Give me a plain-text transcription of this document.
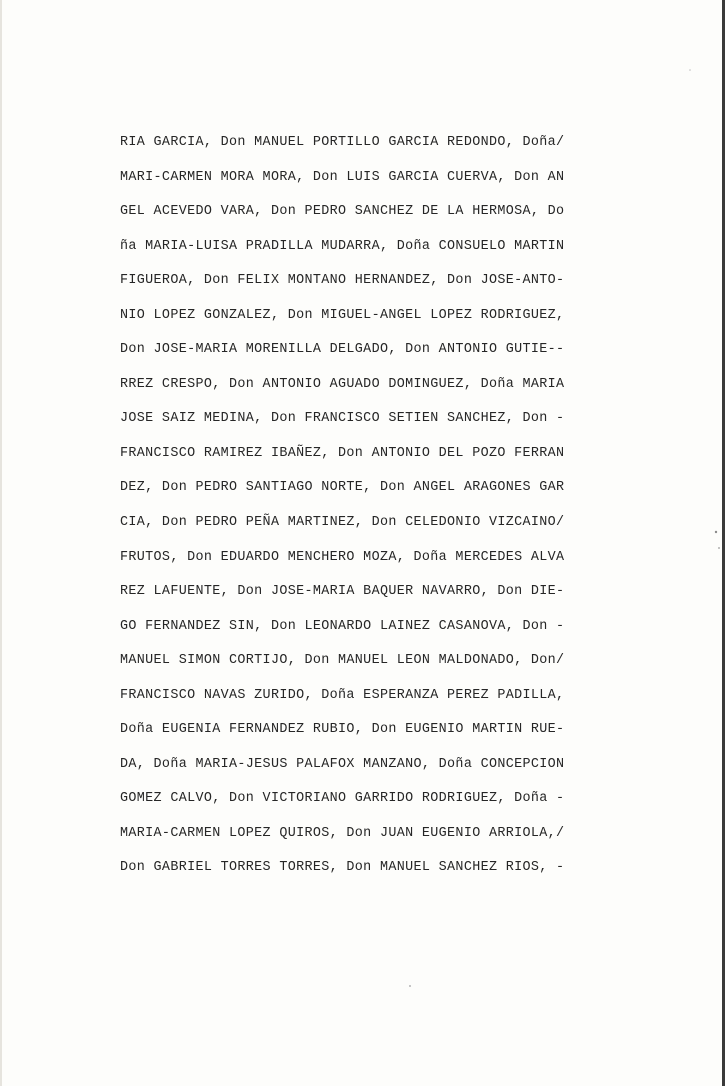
RIA GARCIA, Don MANUEL PORTILLO GARCIA REDONDO, Doña/
MARI-CARMEN MORA MORA, Don LUIS GARCIA CUERVA, Don AN
GEL ACEVEDO VARA, Don PEDRO SANCHEZ DE LA HERMOSA, Do
ña MARIA-LUISA PRADILLA MUDARRA, Doña CONSUELO MARTIN
FIGUEROA, Don FELIX MONTANO HERNANDEZ, Don JOSE-ANTO-
NIO LOPEZ GONZALEZ, Don MIGUEL-ANGEL LOPEZ RODRIGUEZ,
Don JOSE-MARIA MORENILLA DELGADO, Don ANTONIO GUTIE--
RREZ CRESPO, Don ANTONIO AGUADO DOMINGUEZ, Doña MARIA
JOSE SAIZ MEDINA, Don FRANCISCO SETIEN SANCHEZ, Don -
FRANCISCO RAMIREZ IBAÑEZ, Don ANTONIO DEL POZO FERRAN
DEZ, Don PEDRO SANTIAGO NORTE, Don ANGEL ARAGONES GAR
CIA, Don PEDRO PEÑA MARTINEZ, Don CELEDONIO VIZCAINO/
FRUTOS, Don EDUARDO MENCHERO MOZA, Doña MERCEDES ALVA
REZ LAFUENTE, Don JOSE-MARIA BAQUER NAVARRO, Don DIE-
GO FERNANDEZ SIN, Don LEONARDO LAINEZ CASANOVA, Don -
MANUEL SIMON CORTIJO, Don MANUEL LEON MALDONADO, Don/
FRANCISCO NAVAS ZURIDO, Doña ESPERANZA PEREZ PADILLA,
Doña EUGENIA FERNANDEZ RUBIO, Don EUGENIO MARTIN RUE-
DA, Doña MARIA-JESUS PALAFOX MANZANO, Doña CONCEPCION
GOMEZ CALVO, Don VICTORIANO GARRIDO RODRIGUEZ, Doña -
MARIA-CARMEN LOPEZ QUIROS, Don JUAN EUGENIO ARRIOLA,/
Don GABRIEL TORRES TORRES, Don MANUEL SANCHEZ RIOS, -
